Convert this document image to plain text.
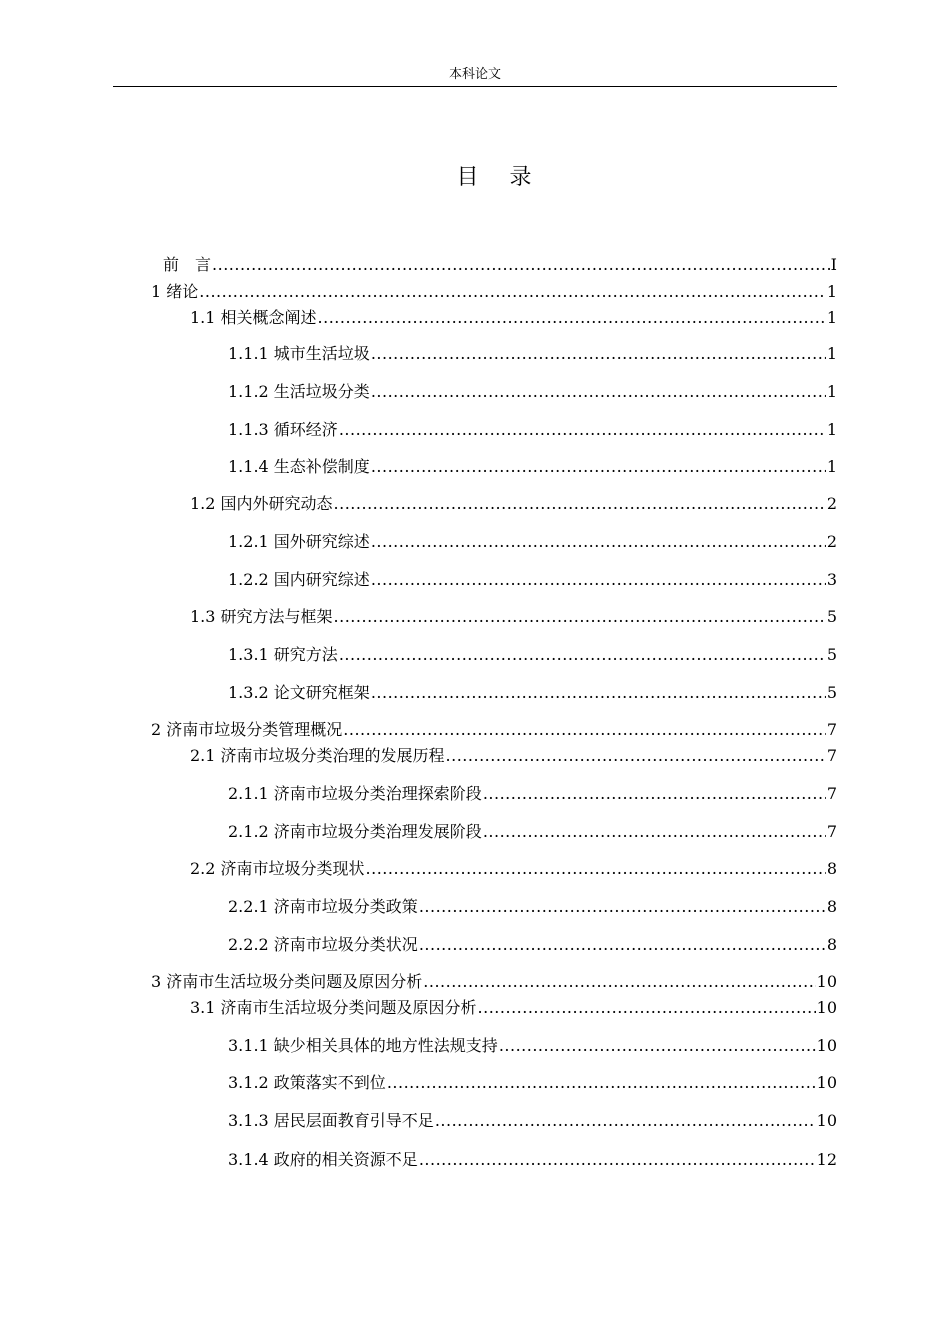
本科论文
目 录
前　言 .....	I
1 绪论 .....	1
1.1 相关概念阐述 .....	1
1.1.1 城市生活垃圾 .....	1
1.1.2 生活垃圾分类 .....	1
1.1.3 循环经济 .....	1
1.1.4 生态补偿制度 .....	1
1.2 国内外研究动态 .....	2
1.2.1 国外研究综述 .....	2
1.2.2 国内研究综述 .....	3
1.3 研究方法与框架 .....	5
1.3.1 研究方法 .....	5
1.3.2 论文研究框架 .....	5
2 济南市垃圾分类管理概况 .....	7
2.1 济南市垃圾分类治理的发展历程 .....	7
2.1.1 济南市垃圾分类治理探索阶段 .....	7
2.1.2 济南市垃圾分类治理发展阶段 .....	7
2.2 济南市垃圾分类现状 .....	8
2.2.1 济南市垃圾分类政策 .....	8
2.2.2 济南市垃圾分类状况 .....	8
3 济南市生活垃圾分类问题及原因分析 .....	10
3.1 济南市生活垃圾分类问题及原因分析 .....	10
3.1.1 缺少相关具体的地方性法规支持 .....	10
3.1.2 政策落实不到位 .....	10
3.1.3 居民层面教育引导不足 .....	10
3.1.4 政府的相关资源不足 .....	12
